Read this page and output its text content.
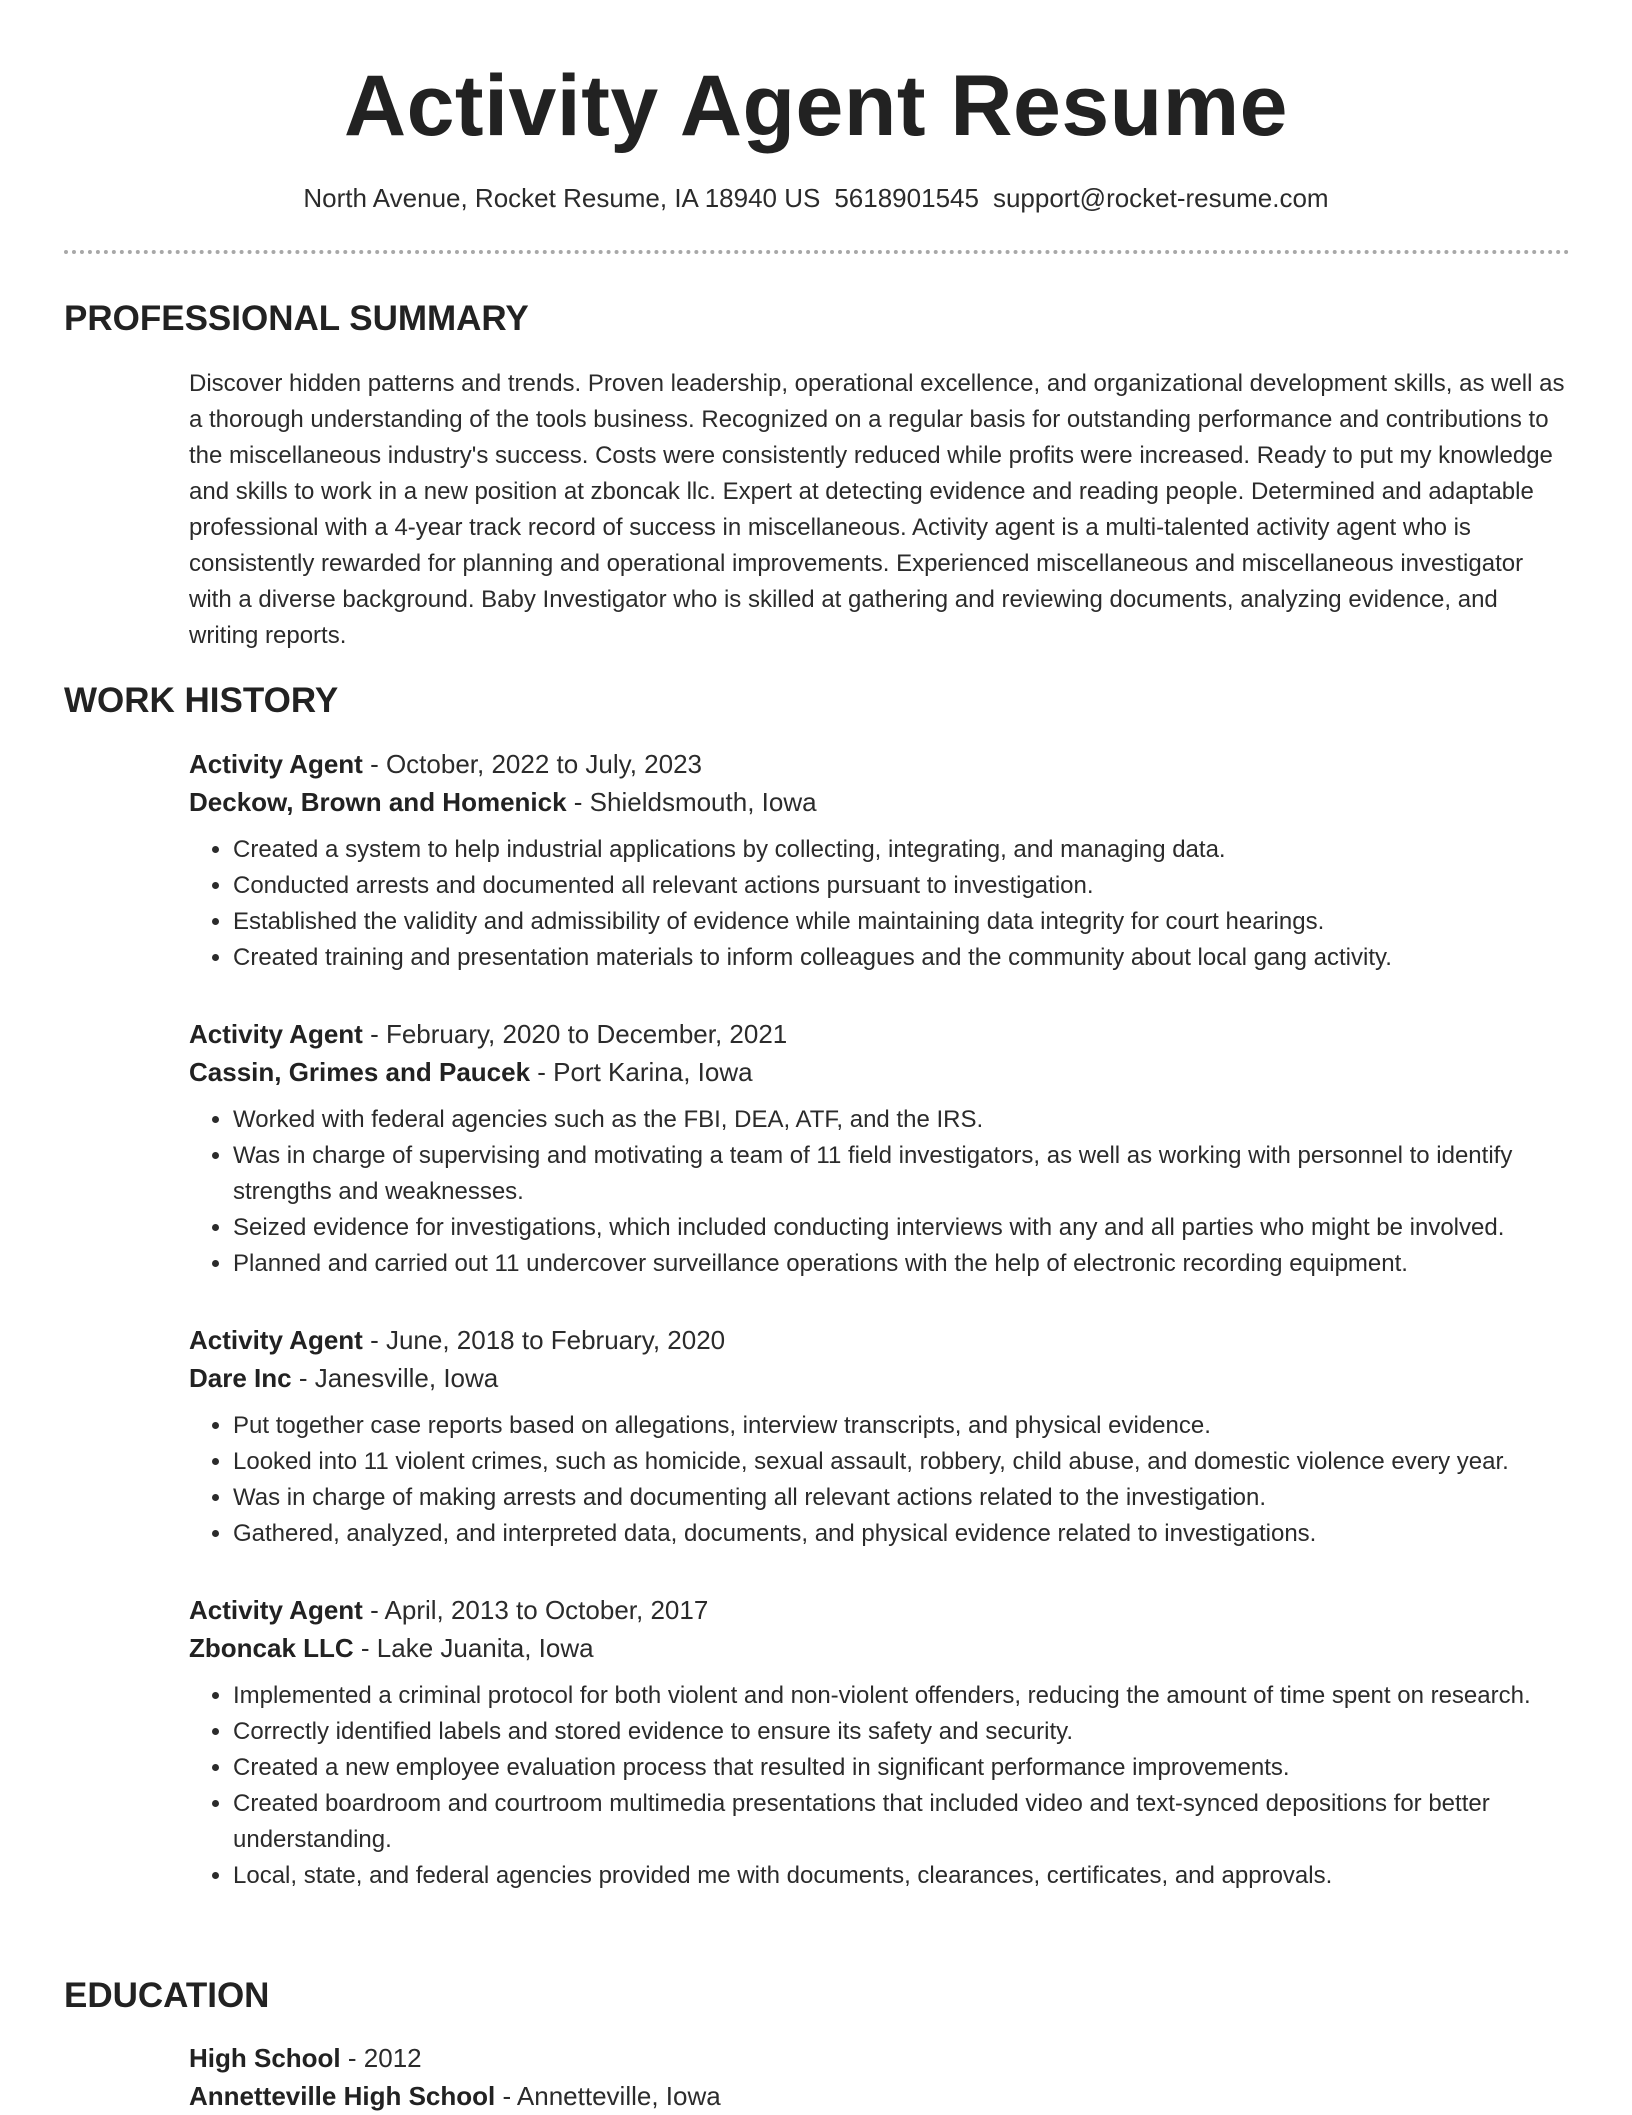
Activity Agent Resume
North Avenue, Rocket Resume, IA 18940 US 5618901545 support@rocket-resume.com
PROFESSIONAL SUMMARY

Discover hidden patterns and trends. Proven leadership, operational excellence, and organizational development skills, as well as a thorough understanding of the tools business. Recognized on a regular basis for outstanding performance and contributions to the miscellaneous industry's success. Costs were consistently reduced while profits were increased. Ready to put my knowledge and skills to work in a new position at zboncak llc. Expert at detecting evidence and reading people. Determined and adaptable professional with a 4-year track record of success in miscellaneous. Activity agent is a multi-talented activity agent who is consistently rewarded for planning and operational improvements. Experienced miscellaneous and miscellaneous investigator with a diverse background. Baby Investigator who is skilled at gathering and reviewing documents, analyzing evidence, and writing reports.

WORK HISTORY
Activity Agent - October, 2022 to July, 2023
Deckow, Brown and Homenick - Shieldsmouth, Iowa
• Created a system to help industrial applications by collecting, integrating, and managing data.
• Conducted arrests and documented all relevant actions pursuant to investigation.
• Established the validity and admissibility of evidence while maintaining data integrity for court hearings.
• Created training and presentation materials to inform colleagues and the community about local gang activity.
Activity Agent - February, 2020 to December, 2021
Cassin, Grimes and Paucek - Port Karina, Iowa
• Worked with federal agencies such as the FBI, DEA, ATF, and the IRS.
• Was in charge of supervising and motivating a team of 11 field investigators, as well as working with personnel to identify strengths and weaknesses.
• Seized evidence for investigations, which included conducting interviews with any and all parties who might be involved.
• Planned and carried out 11 undercover surveillance operations with the help of electronic recording equipment.
Activity Agent - June, 2018 to February, 2020
Dare Inc - Janesville, Iowa
• Put together case reports based on allegations, interview transcripts, and physical evidence.
• Looked into 11 violent crimes, such as homicide, sexual assault, robbery, child abuse, and domestic violence every year.
• Was in charge of making arrests and documenting all relevant actions related to the investigation.
• Gathered, analyzed, and interpreted data, documents, and physical evidence related to investigations.
Activity Agent - April, 2013 to October, 2017
Zboncak LLC - Lake Juanita, Iowa
• Implemented a criminal protocol for both violent and non-violent offenders, reducing the amount of time spent on research.
• Correctly identified labels and stored evidence to ensure its safety and security.
• Created a new employee evaluation process that resulted in significant performance improvements.
• Created boardroom and courtroom multimedia presentations that included video and text-synced depositions for better understanding.
• Local, state, and federal agencies provided me with documents, clearances, certificates, and approvals.
EDUCATION
High School - 2012
Annetteville High School - Annetteville, Iowa
